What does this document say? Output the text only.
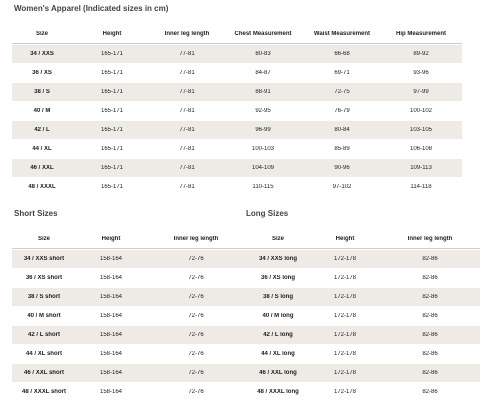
Women's Apparel (Indicated sizes in cm)
Size	Height	Inner leg length	Chest Measurement	Waist Measurement	Hip Measurement
34 / XXS	165-171	77-81	80-83	66-68	89-92
36 / XS	165-171	77-81	84-87	69-71	93-96
38 / S	165-171	77-81	88-91	72-75	97-99
40 / M	165-171	77-81	92-95	76-79	100-102
42 / L	165-171	77-81	96-99	80-84	103-105
44 / XL	165-171	77-81	100-103	85-89	106-108
46 / XXL	165-171	77-81	104-109	90-96	109-113
48 / XXXL	165-171	77-81	110-115	97-102	114-118
Short Sizes
Size	Height	Inner leg length
34 / XXS short	158-164	72-76
36 / XS short	158-164	72-76
38 / S short	158-164	72-76
40 / M short	158-164	72-76
42 / L short	158-164	72-76
44 / XL short	158-164	72-76
46 / XXL short	158-164	72-76
48 / XXXL short	158-164	72-76
Long Sizes
Size	Height	Inner leg length
34 / XXS long	172-178	82-86
36 / XS long	172-178	82-86
38 / S long	172-178	82-86
40 / M long	172-178	82-86
42 / L long	172-178	82-86
44 / XL long	172-178	82-86
46 / XXL long	172-178	82-86
48 / XXXL long	172-178	82-86
